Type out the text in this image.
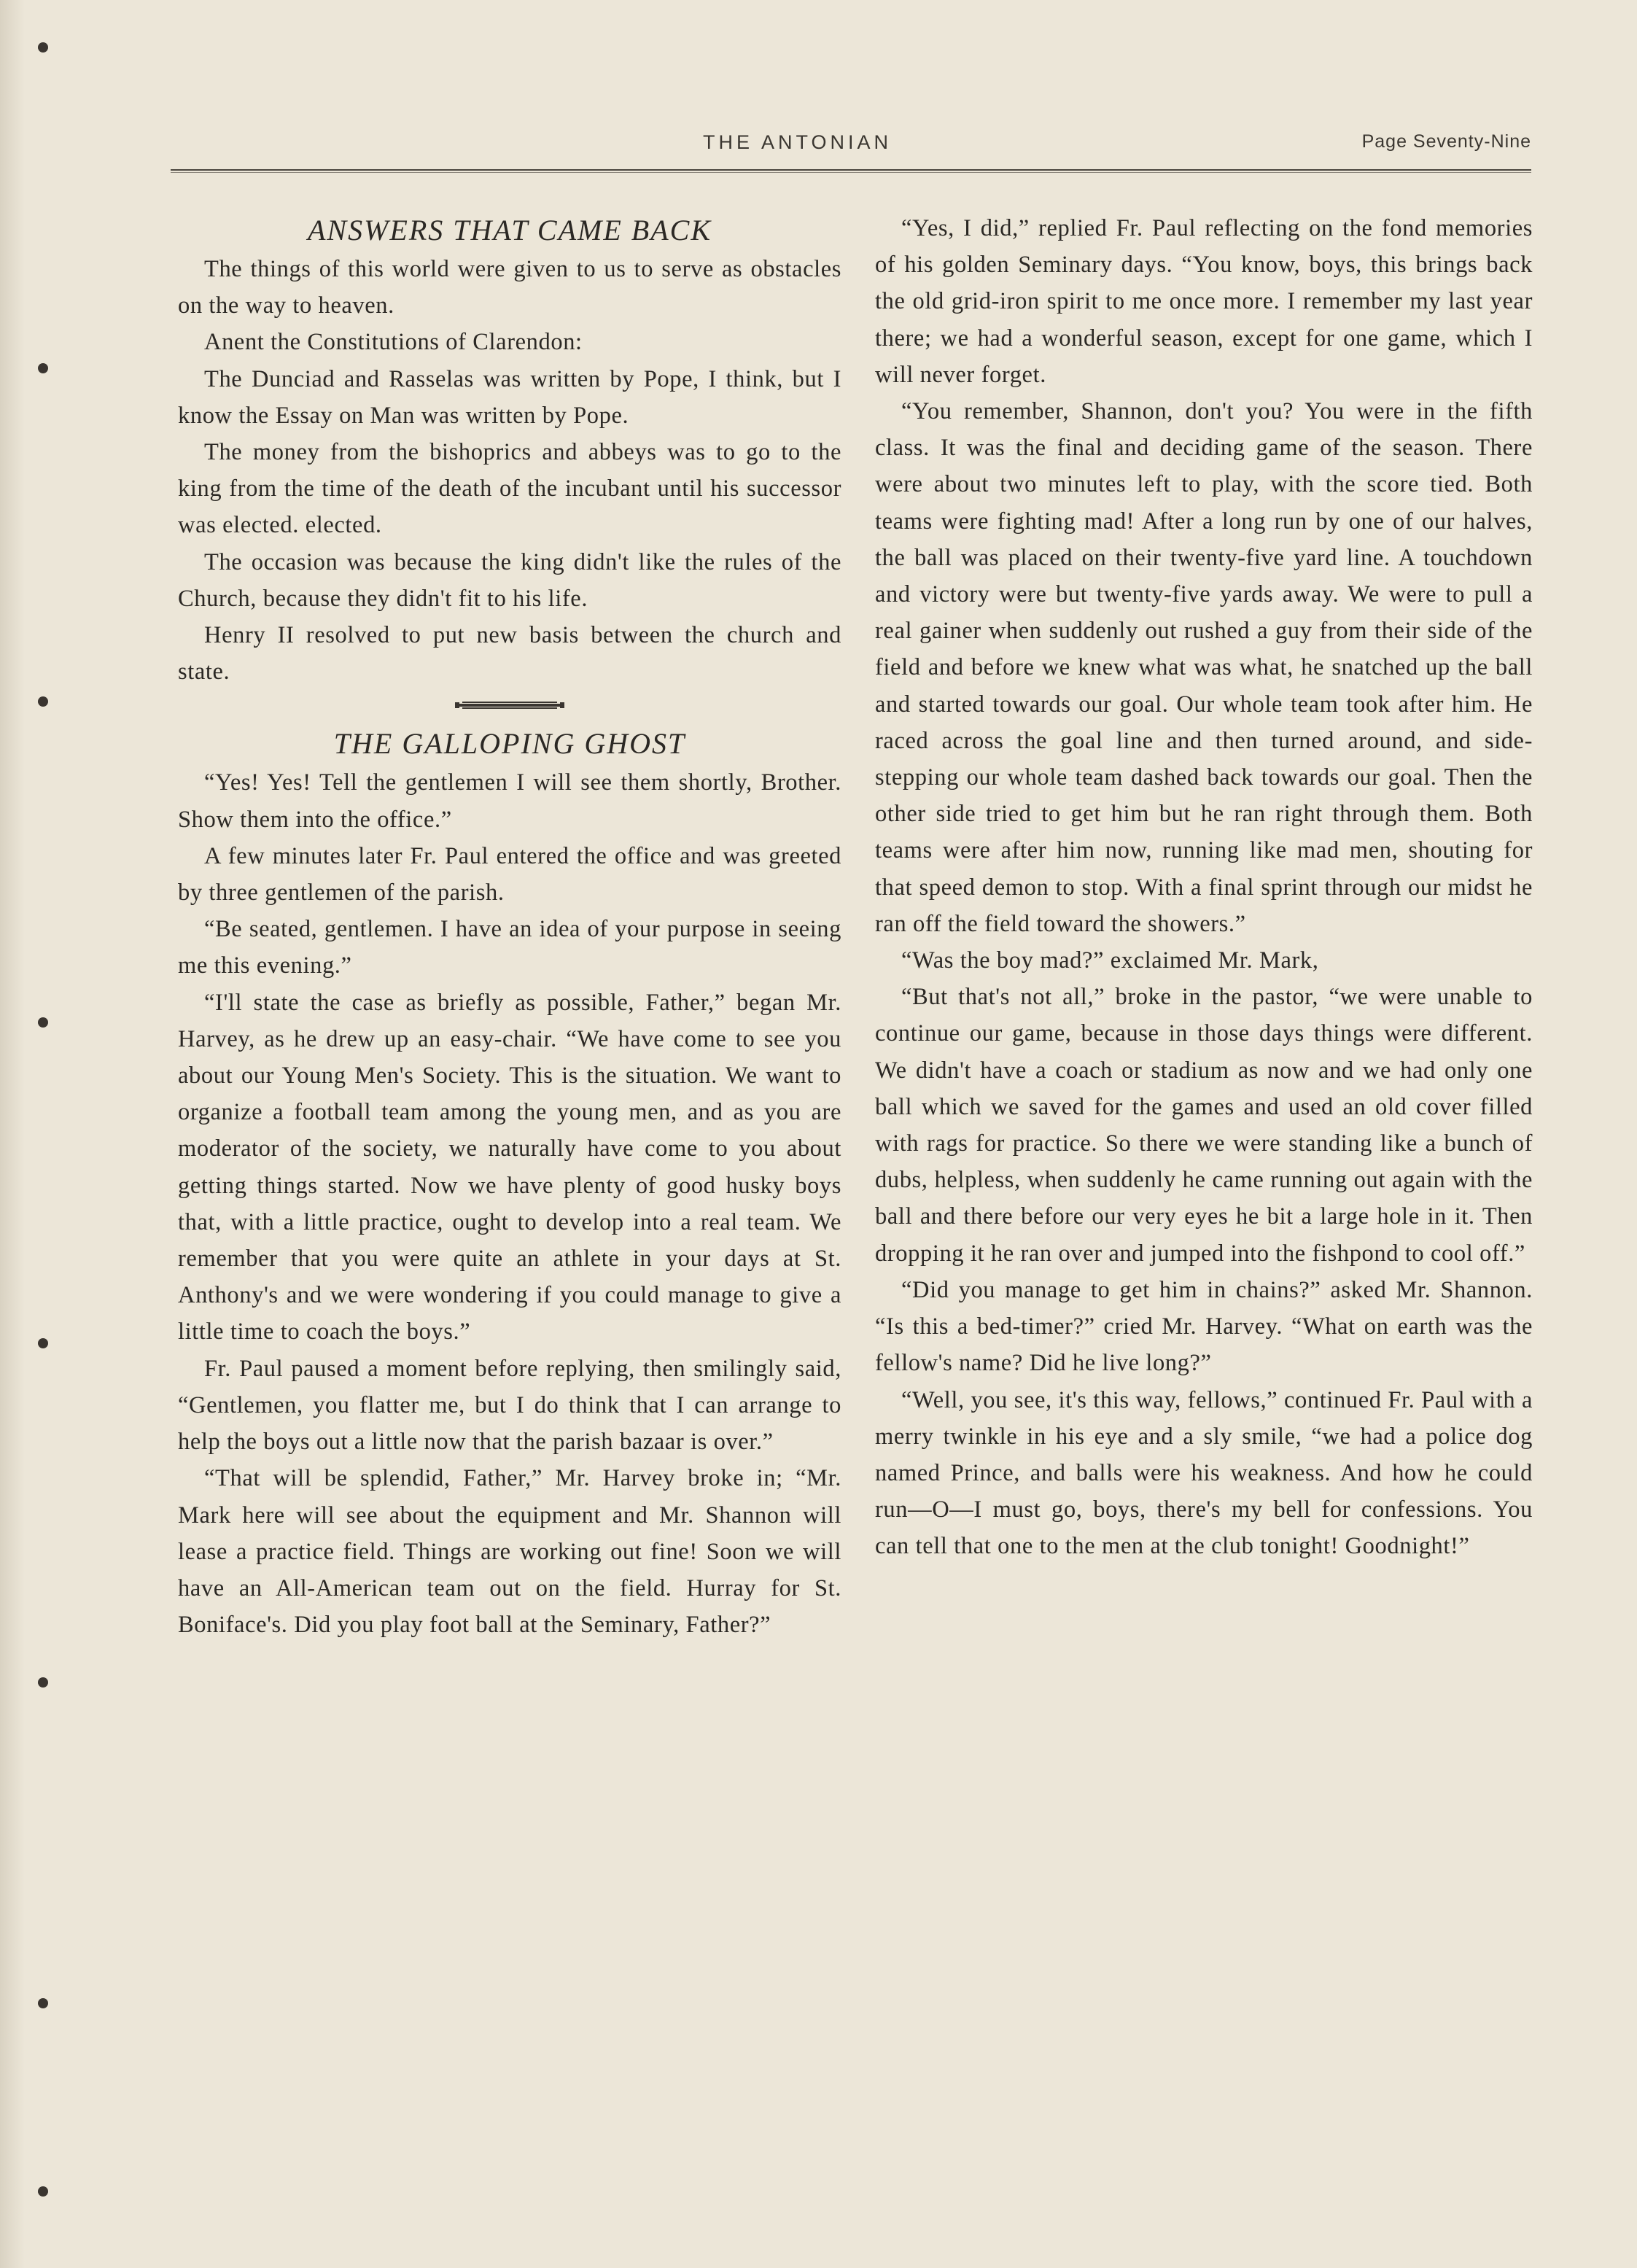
THE ANTONIAN	Page Seventy-Nine
ANSWERS THAT CAME BACK

The things of this world were given to us to serve as obstacles on the way to heaven.

Anent the Constitutions of Clarendon:

The Dunciad and Rasselas was written by Pope, I think, but I know the Essay on Man was written by Pope.

The money from the bishoprics and abbeys was to go to the king from the time of the death of the incubant until his successor was elected. elected.

The occasion was because the king didn't like the rules of the Church, because they didn't fit to his life.

Henry II resolved to put new basis between the church and state.

THE GALLOPING GHOST

“Yes! Yes! Tell the gentlemen I will see them shortly, Brother. Show them into the office.”

A few minutes later Fr. Paul entered the office and was greeted by three gentlemen of the parish.

“Be seated, gentlemen. I have an idea of your purpose in seeing me this evening.”

“I'll state the case as briefly as possible, Father,” began Mr. Harvey, as he drew up an easy-chair. “We have come to see you about our Young Men's Society. This is the situation. We want to organize a football team among the young men, and as you are moderator of the society, we naturally have come to you about getting things started. Now we have plenty of good husky boys that, with a little practice, ought to develop into a real team. We remember that you were quite an athlete in your days at St. Anthony's and we were wondering if you could manage to give a little time to coach the boys.”

Fr. Paul paused a moment before replying, then smilingly said, “Gentlemen, you flatter me, but I do think that I can arrange to help the boys out a little now that the parish bazaar is over.”

“That will be splendid, Father,” Mr. Harvey broke in; “Mr. Mark here will see about the equipment and Mr. Shannon will lease a practice field. Things are working out fine! Soon we will have an All-American team out on the field. Hurray for St. Boniface's. Did you play foot ball at the Seminary, Father?”

“Yes, I did,” replied Fr. Paul reflecting on the fond memories of his golden Seminary days. “You know, boys, this brings back the old grid-iron spirit to me once more. I remember my last year there; we had a wonderful season, except for one game, which I will never forget.

“You remember, Shannon, don't you? You were in the fifth class. It was the final and deciding game of the season. There were about two minutes left to play, with the score tied. Both teams were fighting mad! After a long run by one of our halves, the ball was placed on their twenty-five yard line. A touchdown and victory were but twenty-five yards away. We were to pull a real gainer when suddenly out rushed a guy from their side of the field and before we knew what was what, he snatched up the ball and started towards our goal. Our whole team took after him. He raced across the goal line and then turned around, and side-stepping our whole team dashed back towards our goal. Then the other side tried to get him but he ran right through them. Both teams were after him now, running like mad men, shouting for that speed demon to stop. With a final sprint through our midst he ran off the field toward the showers.”

“Was the boy mad?” exclaimed Mr. Mark,

“But that's not all,” broke in the pastor, “we were unable to continue our game, because in those days things were different. We didn't have a coach or stadium as now and we had only one ball which we saved for the games and used an old cover filled with rags for practice. So there we were standing like a bunch of dubs, helpless, when suddenly he came running out again with the ball and there before our very eyes he bit a large hole in it. Then dropping it he ran over and jumped into the fishpond to cool off.”

“Did you manage to get him in chains?” asked Mr. Shannon. “Is this a bed-timer?” cried Mr. Harvey. “What on earth was the fellow's name? Did he live long?”

“Well, you see, it's this way, fellows,” continued Fr. Paul with a merry twinkle in his eye and a sly smile, “we had a police dog named Prince, and balls were his weakness. And how he could run—O—I must go, boys, there's my bell for confessions. You can tell that one to the men at the club tonight! Goodnight!”
